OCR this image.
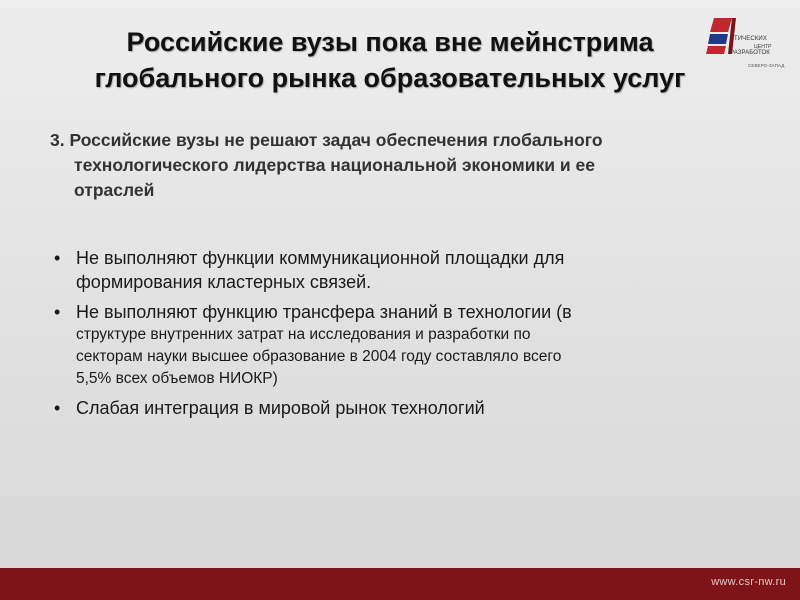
Российские вузы пока вне мейнстрима
глобального рынка образовательных услуг
ТИЧЕСКИХ
РАЗРАБОТОК
ЦЕНТР
СЕВЕРО-ЗАПАД
3. Российские вузы не решают задач обеспечения глобального
технологического лидерства национальной экономики и ее
отраслей
• Не выполняют функции коммуникационной площадки для
формирования кластерных связей.
• Не выполняют функцию трансфера знаний в технологии (в
структуре внутренних затрат на исследования и разработки по
секторам науки высшее образование в 2004 году составляло всего
5,5% всех объемов НИОКР)
• Слабая интеграция в мировой рынок технологий
www.csr-nw.ru
